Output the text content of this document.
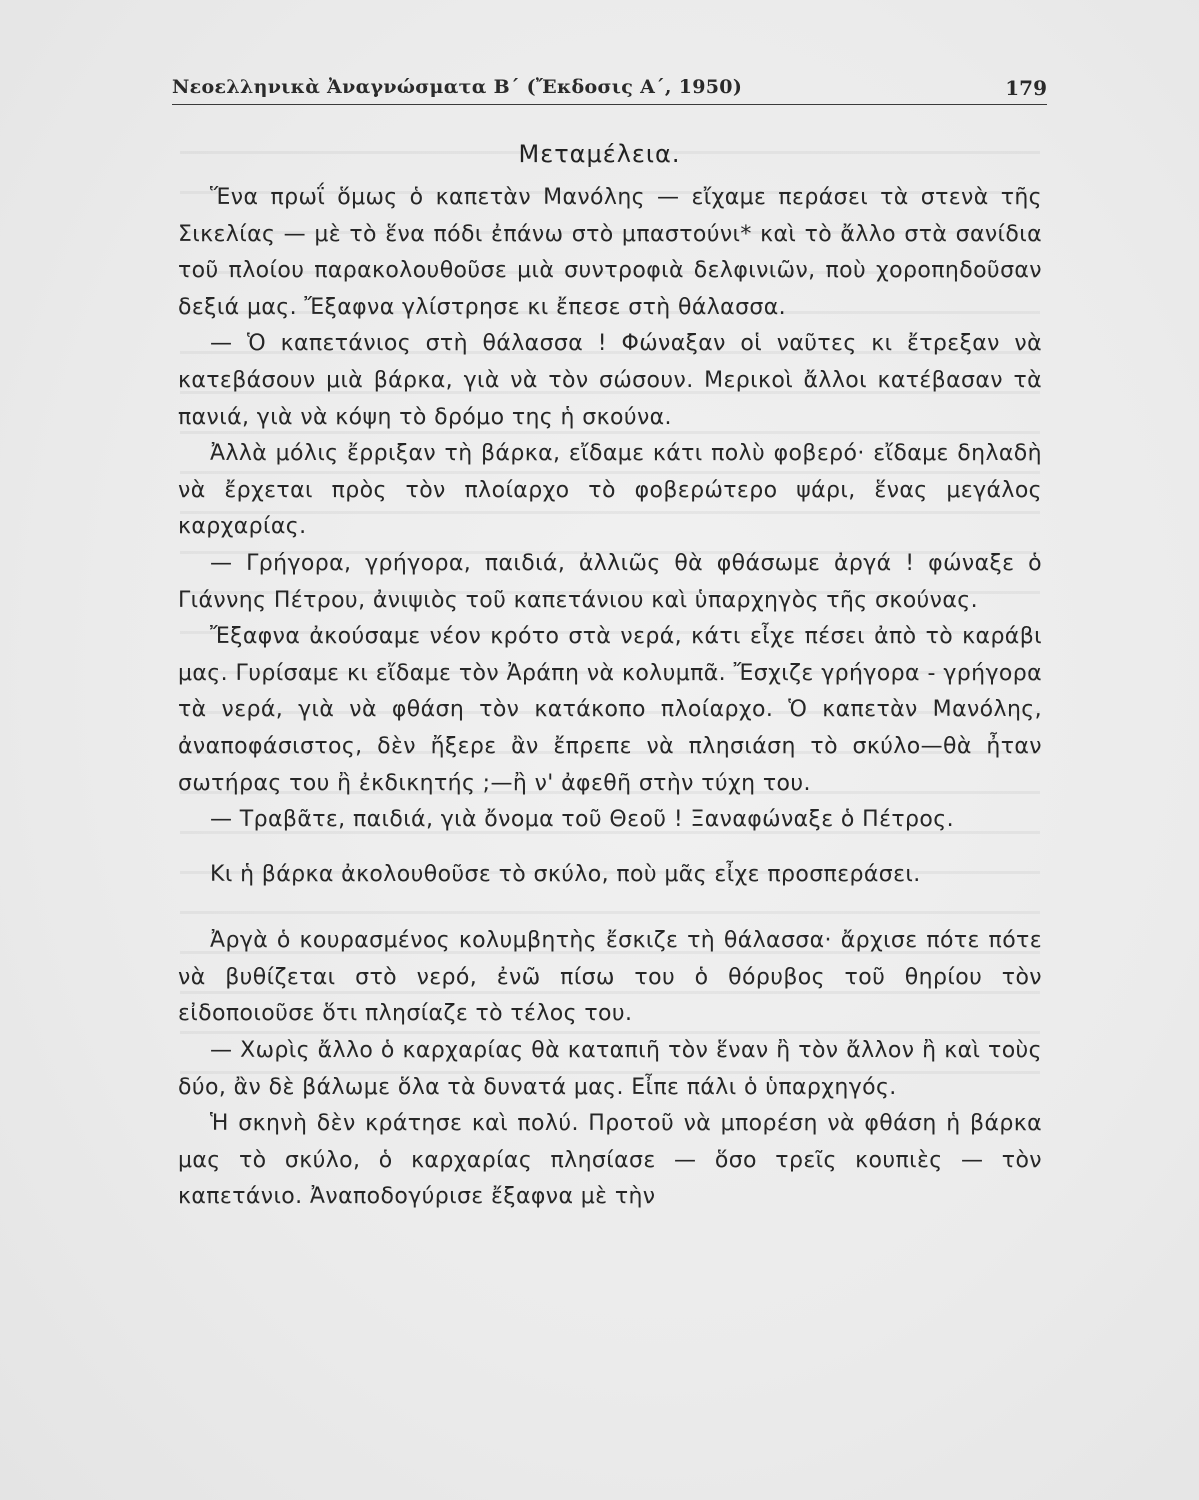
Νεοελληνικὰ Ἀναγνώσματα Β΄ (Ἔκδοσις Α΄, 1950)	179
Μεταμέλεια.

Ἕνα πρωΐ ὅμως ὁ καπετὰν Μανόλης — εἴχαμε περάσει τὰ στενὰ τῆς Σικελίας — μὲ τὸ ἕνα πόδι ἐπάνω στὸ μπαστούνι* καὶ τὸ ἄλλο στὰ σανίδια τοῦ πλοίου παρακολουθοῦσε μιὰ συντροφιὰ δελφινιῶν, ποὺ χοροπηδοῦσαν δεξιά μας. Ἔξαφνα γλίστρησε κι ἔπεσε στὴ θάλασσα.

— Ὁ καπετάνιος στὴ θάλασσα ! Φώναξαν οἱ ναῦτες κι ἔτρεξαν νὰ κατεβάσουν μιὰ βάρκα, γιὰ νὰ τὸν σώσουν. Μερικοὶ ἄλλοι κατέβασαν τὰ πανιά, γιὰ νὰ κόψη τὸ δρόμο της ἡ σκούνα.

Ἀλλὰ μόλις ἔρριξαν τὴ βάρκα, εἴδαμε κάτι πολὺ φοβερό· εἴδαμε δηλαδὴ νὰ ἔρχεται πρὸς τὸν πλοίαρχο τὸ φοβερώτερο ψάρι, ἕνας μεγάλος καρχαρίας.

— Γρήγορα, γρήγορα, παιδιά, ἀλλιῶς θὰ φθάσωμε ἀργά ! φώναξε ὁ Γιάννης Πέτρου, ἀνιψιὸς τοῦ καπετάνιου καὶ ὑπαρχηγὸς τῆς σκούνας.

Ἔξαφνα ἀκούσαμε νέον κρότο στὰ νερά, κάτι εἶχε πέσει ἀπὸ τὸ καράβι μας. Γυρίσαμε κι εἴδαμε τὸν Ἀράπη νὰ κολυμπᾶ. Ἔσχιζε γρήγορα - γρήγορα τὰ νερά, γιὰ νὰ φθάση τὸν κατάκοπο πλοίαρχο. Ὁ καπετὰν Μανόλης, ἀναποφάσιστος, δὲν ἤξερε ἂν ἔπρεπε νὰ πλησιάση τὸ σκύλο—θὰ ἦταν σωτήρας του ἢ ἐκδικητής ;—ἢ ν' ἀφεθῆ στὴν τύχη του.

— Τραβᾶτε, παιδιά, γιὰ ὄνομα τοῦ Θεοῦ ! Ξαναφώναξε ὁ Πέτρος.

Κι ἡ βάρκα ἀκολουθοῦσε τὸ σκύλο, ποὺ μᾶς εἶχε προσπεράσει.

Ἀργὰ ὁ κουρασμένος κολυμβητὴς ἔσκιζε τὴ θάλασσα· ἄρχισε πότε πότε νὰ βυθίζεται στὸ νερό, ἐνῶ πίσω του ὁ θόρυβος τοῦ θηρίου τὸν εἰδοποιοῦσε ὅτι πλησίαζε τὸ τέλος του.

— Χωρὶς ἄλλο ὁ καρχαρίας θὰ καταπιῆ τὸν ἕναν ἢ τὸν ἄλλον ἢ καὶ τοὺς δύο, ἂν δὲ βάλωμε ὅλα τὰ δυνατά μας. Εἶπε πάλι ὁ ὑπαρχηγός.

Ἡ σκηνὴ δὲν κράτησε καὶ πολύ. Προτοῦ νὰ μπορέση νὰ φθάση ἡ βάρκα μας τὸ σκύλο, ὁ καρχαρίας πλησίασε — ὅσο τρεῖς κουπιὲς — τὸν καπετάνιο. Ἀναποδογύρισε ἔξαφνα μὲ τὴν
